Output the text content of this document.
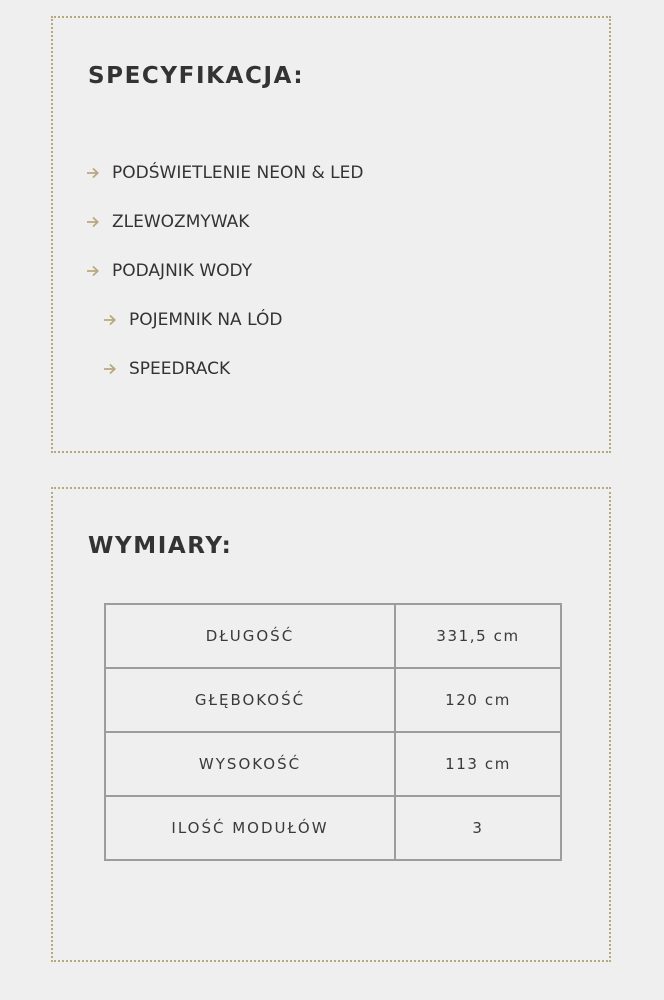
SPECYFIKACJA:
PODŚWIETLENIE NEON & LED
ZLEWOZMYWAK
PODAJNIK WODY
POJEMNIK NA LÓD
SPEEDRACK
WYMIARY:
DŁUGOŚĆ	331,5 cm
GŁĘBOKOŚĆ	120 cm
WYSOKOŚĆ	113 cm
ILOŚĆ MODUŁÓW	3
